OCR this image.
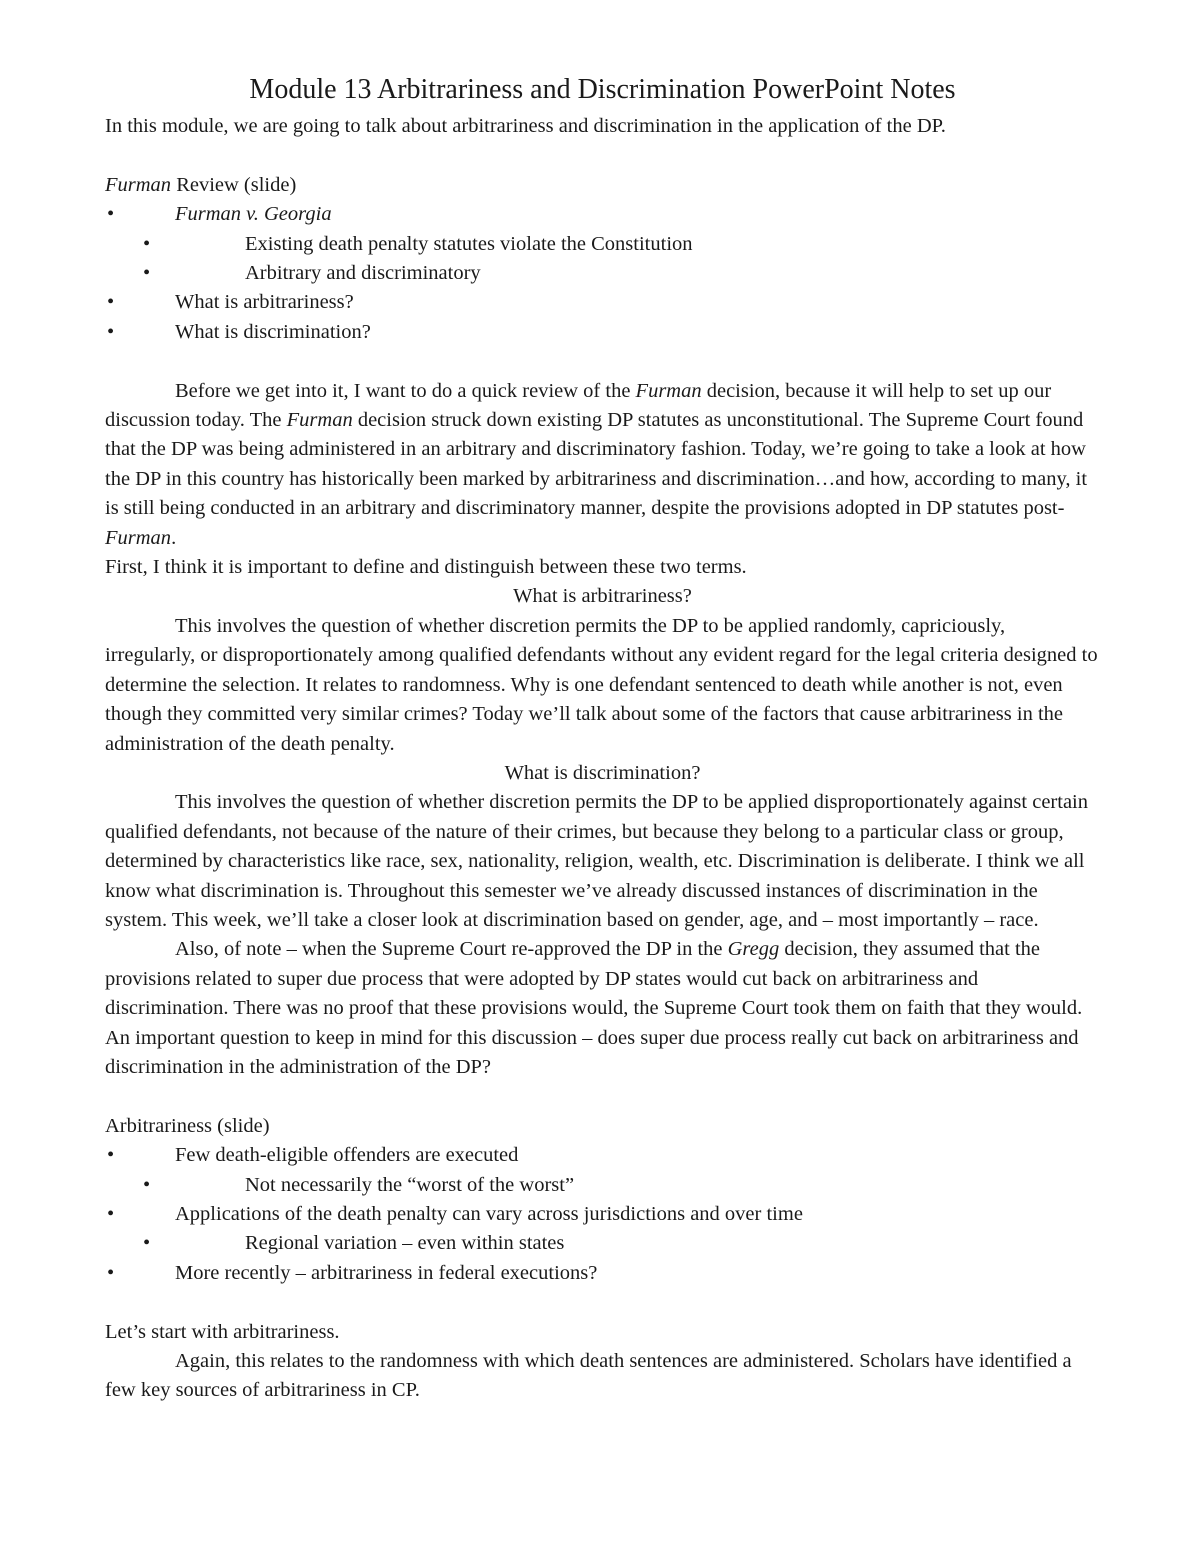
Module 13 Arbitrariness and Discrimination PowerPoint Notes

In this module, we are going to talk about arbitrariness and discrimination in the application of the DP.

Furman Review (slide)

•	Furman v. Georgia
•	Existing death penalty statutes violate the Constitution
•	Arbitrary and discriminatory
•	What is arbitrariness?
•	What is discrimination?

Before we get into it, I want to do a quick review of the Furman decision, because it will help to set up our discussion today. The Furman decision struck down existing DP statutes as unconstitutional. The Supreme Court found that the DP was being administered in an arbitrary and discriminatory fashion. Today, we’re going to take a look at how the DP in this country has historically been marked by arbitrariness and discrimination…and how, according to many, it is still being conducted in an arbitrary and discriminatory manner, despite the provisions adopted in DP statutes post-Furman.

First, I think it is important to define and distinguish between these two terms.

What is arbitrariness?

This involves the question of whether discretion permits the DP to be applied randomly, capriciously, irregularly, or disproportionately among qualified defendants without any evident regard for the legal criteria designed to determine the selection. It relates to randomness. Why is one defendant sentenced to death while another is not, even though they committed very similar crimes? Today we’ll talk about some of the factors that cause arbitrariness in the administration of the death penalty.

What is discrimination?

This involves the question of whether discretion permits the DP to be applied disproportionately against certain qualified defendants, not because of the nature of their crimes, but because they belong to a particular class or group, determined by characteristics like race, sex, nationality, religion, wealth, etc. Discrimination is deliberate. I think we all know what discrimination is. Throughout this semester we’ve already discussed instances of discrimination in the system. This week, we’ll take a closer look at discrimination based on gender, age, and – most importantly – race.

Also, of note – when the Supreme Court re-approved the DP in the Gregg decision, they assumed that the provisions related to super due process that were adopted by DP states would cut back on arbitrariness and discrimination. There was no proof that these provisions would, the Supreme Court took them on faith that they would. An important question to keep in mind for this discussion – does super due process really cut back on arbitrariness and discrimination in the administration of the DP?

Arbitrariness (slide)

•	Few death-eligible offenders are executed
•	Not necessarily the “worst of the worst”
•	Applications of the death penalty can vary across jurisdictions and over time
•	Regional variation – even within states
•	More recently – arbitrariness in federal executions?

Let’s start with arbitrariness.

Again, this relates to the randomness with which death sentences are administered. Scholars have identified a few key sources of arbitrariness in CP.
